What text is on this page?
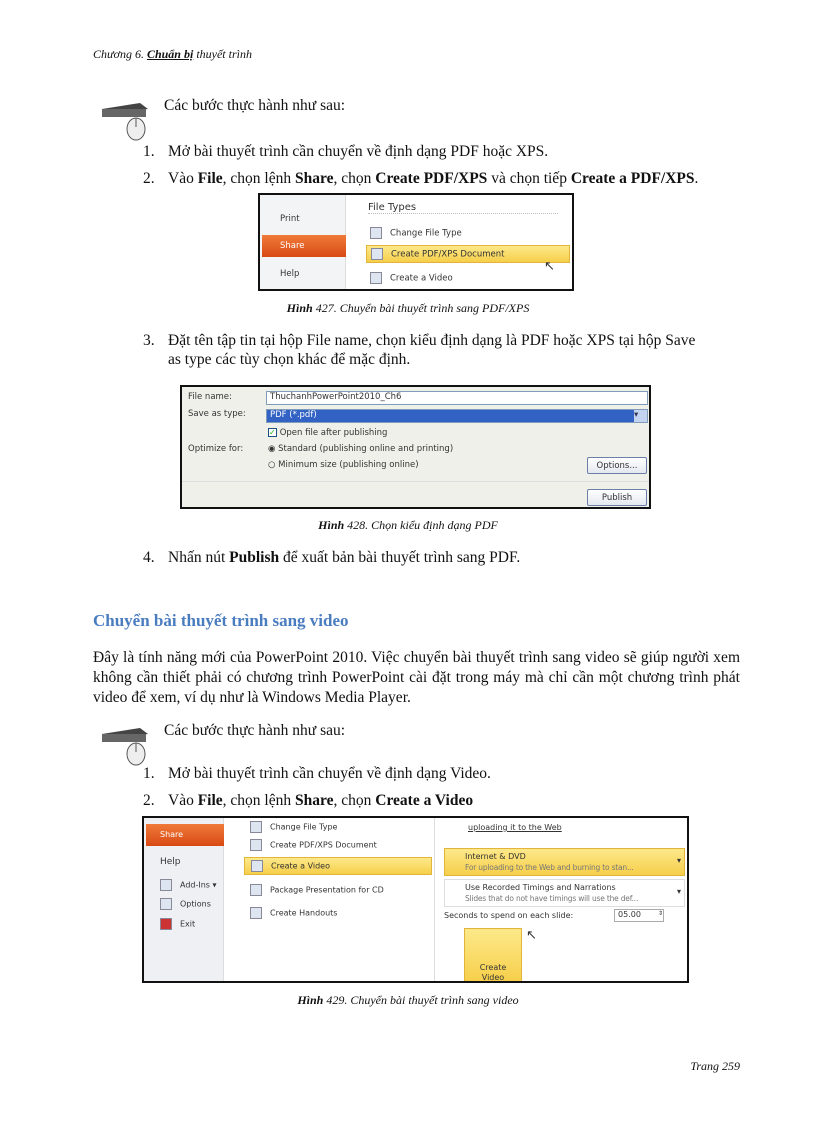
Chương 6. Chuẩn bị thuyết trình
Các bước thực hành như sau:
1. Mở bài thuyết trình cần chuyển về định dạng PDF hoặc XPS.
2. Vào File, chọn lệnh Share, chọn Create PDF/XPS và chọn tiếp Create a PDF/XPS.
Print
Share
Help
File Types
Change File Type
Create PDF/XPS Document
Create a Video
↖
Hình 427. Chuyển bài thuyết trình sang PDF/XPS
3. Đặt tên tập tin tại hộp File name, chọn kiểu định dạng là PDF hoặc XPS tại hộp Save
as type các tùy chọn khác để mặc định.
File name:	ThuchanhPowerPoint2010_Ch6
Save as type:	PDF (*.pdf)	▾
✓ Open file after publishing
Optimize for:	◉ Standard (publishing online and printing)
○ Minimum size (publishing online)	Options...
Publish
Hình 428. Chọn kiểu định dạng PDF
4. Nhấn nút Publish để xuất bản bài thuyết trình sang PDF.
Chuyển bài thuyết trình sang video
Đây là tính năng mới của PowerPoint 2010. Việc chuyển bài thuyết trình sang video sẽ giúp người xem không cần thiết phải có chương trình PowerPoint cài đặt trong máy mà chỉ cần một chương trình phát video để xem, ví dụ như là Windows Media Player.
Các bước thực hành như sau:
1. Mở bài thuyết trình cần chuyển về định dạng Video.
2. Vào File, chọn lệnh Share, chọn Create a Video
Share
Help
Add-Ins ▾
Options
Exit
Change File Type
Create PDF/XPS Document
Create a Video
Package Presentation for CD
Create Handouts
uploading it to the Web
Internet & DVD
For uploading to the Web and burning to stan...
▾
Use Recorded Timings and Narrations
Slides that do not have timings will use the def...
▾
Seconds to spend on each slide:	05.00	⇕
Create
Video
↖
Hình 429. Chuyển bài thuyết trình sang video
Trang 259
